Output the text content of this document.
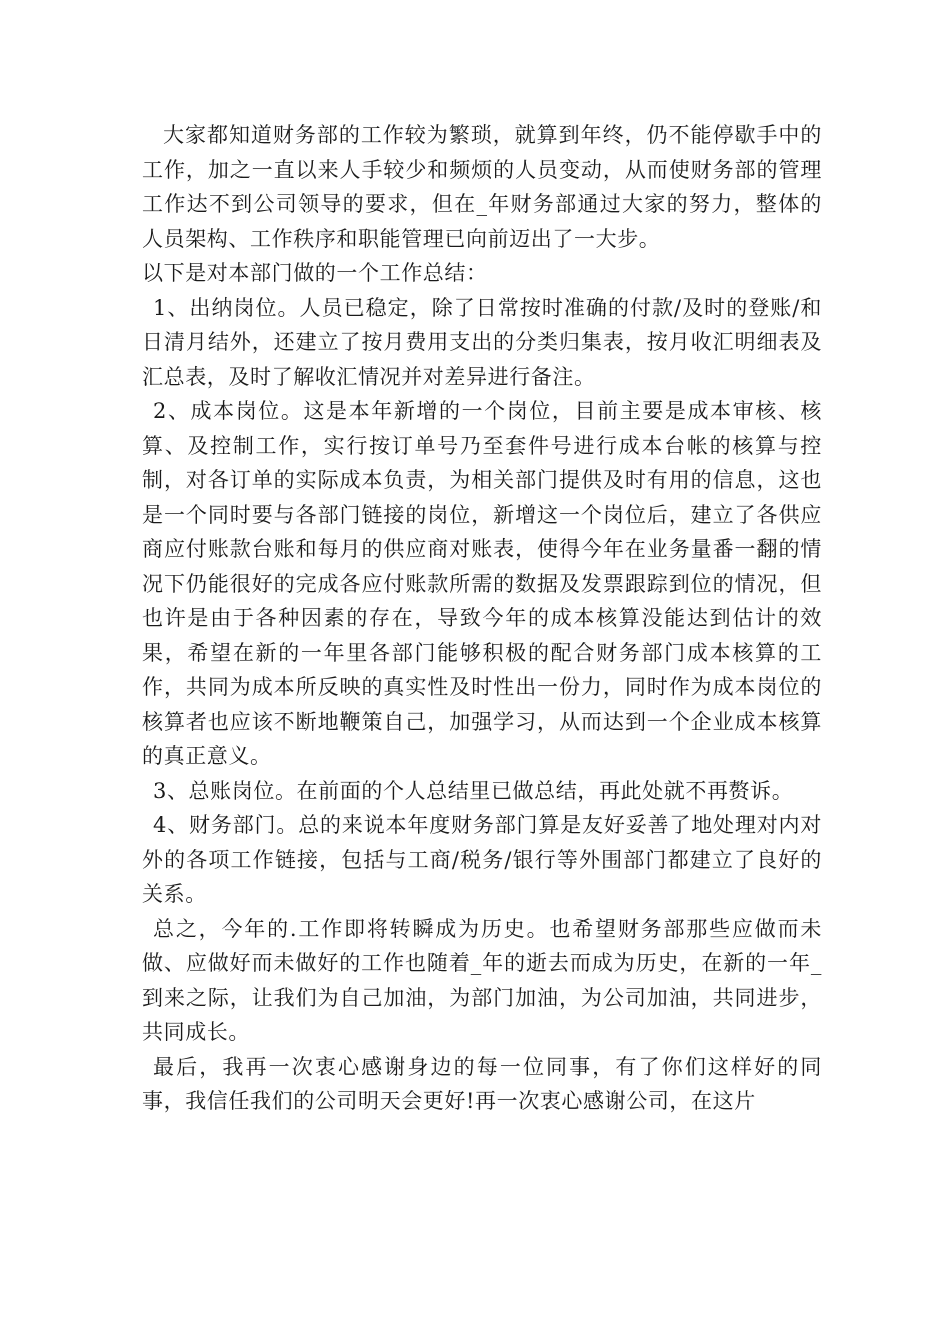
大家都知道财务部的工作较为繁琐，就算到年终，仍不能停歇手中的工作，加之一直以来人手较少和频烦的人员变动，从而使财务部的管理工作达不到公司领导的要求，但在_年财务部通过大家的努力，整体的人员架构、工作秩序和职能管理已向前迈出了一大步。

以下是对本部门做的一个工作总结：

1、出纳岗位。人员已稳定，除了日常按时准确的付款/及时的登账/和日清月结外，还建立了按月费用支出的分类归集表，按月收汇明细表及汇总表，及时了解收汇情况并对差异进行备注。

2、成本岗位。这是本年新增的一个岗位，目前主要是成本审核、核算、及控制工作，实行按订单号乃至套件号进行成本台帐的核算与控制，对各订单的实际成本负责，为相关部门提供及时有用的信息，这也是一个同时要与各部门链接的岗位，新增这一个岗位后，建立了各供应商应付账款台账和每月的供应商对账表，使得今年在业务量番一翻的情况下仍能很好的完成各应付账款所需的数据及发票跟踪到位的情况，但也许是由于各种因素的存在，导致今年的成本核算没能达到估计的效果，希望在新的一年里各部门能够积极的配合财务部门成本核算的工作，共同为成本所反映的真实性及时性出一份力，同时作为成本岗位的核算者也应该不断地鞭策自己，加强学习，从而达到一个企业成本核算的真正意义。

3、总账岗位。在前面的个人总结里已做总结，再此处就不再赘诉。

4、财务部门。总的来说本年度财务部门算是友好妥善了地处理对内对外的各项工作链接，包括与工商/税务/银行等外围部门都建立了良好的关系。

总之，今年的.工作即将转瞬成为历史。也希望财务部那些应做而未做、应做好而未做好的工作也随着_年的逝去而成为历史，在新的一年_到来之际，让我们为自己加油，为部门加油，为公司加油，共同进步，共同成长。

最后，我再一次衷心感谢身边的每一位同事，有了你们这样好的同事，我信任我们的公司明天会更好!再一次衷心感谢公司，在这片
